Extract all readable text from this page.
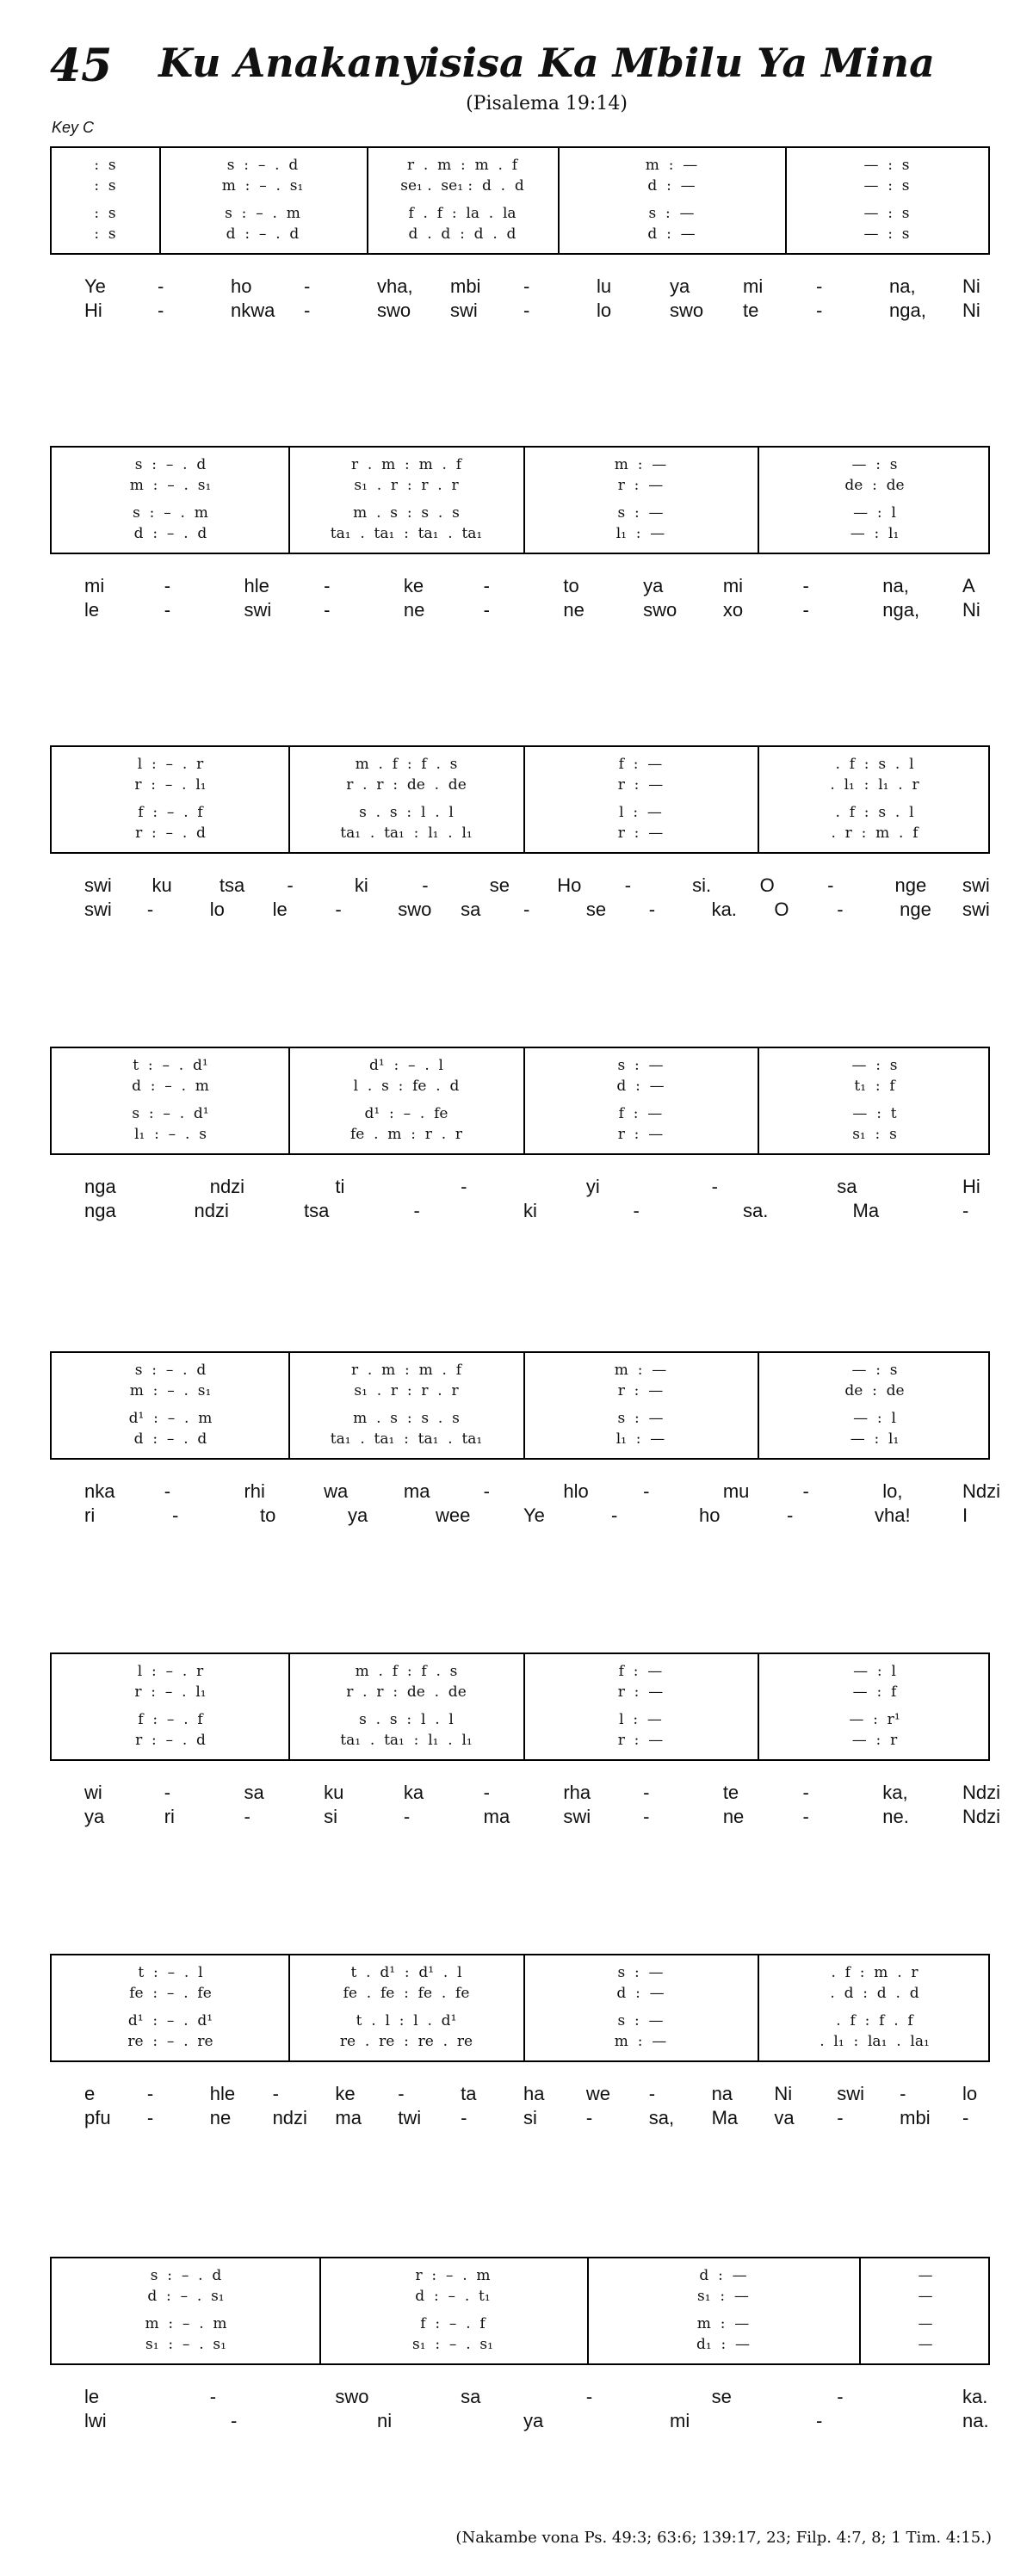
45	Ku Anakanyisisa Ka Mbilu Ya Mina
(Pisalema 19:14)
Key C
:  s	s  :  –  .  d	r  .  m  :  m  .  f	m  :  —	—  :  s
:  s	m  :  –  .  s₁	se₁ .  se₁ :  d  .  d	d  :  —	—  :  s
:  s	s  :  –  .  m	f  .  f  :  la  .  la	s  :  —	—  :  s
:  s	d  :  –  .  d	d  .  d  :  d  .  d	d  :  —	—  :  s
Ye	-	ho	-	vha, mbi -	lu	ya	mi	-	na, Ni
Hi	-	nkwa -	swo swi -	lo	swo te	-	nga, Ni
s  :  –  .  d	r  .  m  :  m  .  f	m  :  —	—  :  s
m  :  –  .  s₁	s₁  .  r  :  r  .  r	r  :  —	de  :  de
s  :  –  .  m	m  .  s  :  s  .  s	s  :  —	—  :  l
d  :  –  .  d	ta₁  .  ta₁  :  ta₁  .  ta₁	l₁  :  —	—  :  l₁
mi	-	hle	-	ke	-	to	ya	mi	-	na,	A
le	-	swi	-	ne	-	ne	swo xo	-	nga, Ni
l  :  –  .  r	m  .  f  :  f  .  s	f  :  —	.  f  :  s  .  l
r  :  –  .  l₁	r  .  r  :  de  .  de	r  :  —	.  l₁  :  l₁  .  r
f  :  –  .  f	s  .  s  :  l  .  l	l  :  —	.  f  :  s  .  l
r  :  –  .  d	ta₁  .  ta₁  :  l₁  .  l₁	r  :  —	.  r  :  m  .  f
swi ku	tsa -	ki	-	se	Ho -	si.	O	-	nge swi
swi -	lo	le	-	swo sa -	se -	ka. O	-	nge swi
t  :  –  .  d¹	d¹  :  –  .  l	s  :  —	—  :  s
d  :  –  .  m	l  .  s  :  fe  .  d	d  :  —	t₁  :  f
s  :  –  .  d¹	d¹  :  –  .  fe	f  :  —	—  :  t
l₁  :  –  .  s	fe  .  m  :  r  .  r	r  :  —	s₁  :  s
nga	ndzi	ti	-	yi	-	sa	Hi
nga	ndzi	tsa	-	ki	-	sa.	Ma	-
s  :  –  .  d	r  .  m  :  m  .  f	m  :  —	—  :  s
m  :  –  .  s₁	s₁  .  r  :  r  .  r	r  :  —	de  :  de
d¹  :  –  .  m	m  .  s  :  s  .  s	s  :  —	—  :  l
d  :  –  .  d	ta₁  .  ta₁  :  ta₁  .  ta₁	l₁  :  —	—  :  l₁
nka	-	rhi	wa	ma	-	hlo	-	mu	-	lo,	Ndzi
ri	-	to	ya	wee	Ye	-	ho	-	vha!	I
l  :  –  .  r	m  .  f  :  f  .  s	f  :  —	—  :  l
r  :  –  .  l₁	r  .  r  :  de  .  de	r  :  —	—  :  f
f  :  –  .  f	s  .  s  :  l  .  l	l  :  —	—  :  r¹
r  :  –  .  d	ta₁  .  ta₁  :  l₁  .  l₁	r  :  —	—  :  r
wi	-	sa	ku	ka	-	rha	-	te	-	ka,	Ndzi
ya	ri	-	si	-	ma	swi	-	ne	-	ne.	Ndzi
t  :  –  .  l	t  .  d¹  :  d¹  .  l	s  :  —	.  f  :  m  .  r
fe  :  –  .  fe	fe  .  fe  :  fe  .  fe	d  :  —	.  d  :  d  .  d
d¹  :  –  .  d¹	t  .  l  :  l  .  d¹	s  :  —	.  f  :  f  .  f
re  :  –  .  re	re  .  re  :  re  .  re	m  :  —	.  l₁  :  la₁  .  la₁
e	-	hle -	ke -	ta ha we -	na Ni swi -	lo
pfu -	ne ndzi ma twi -	si	-	sa, Ma va -	mbi -
s  :  –  .  d	r  :  –  .  m	d  :  —	—
d  :  –  .  s₁	d  :  –  .  t₁	s₁  :  —	—
m  :  –  .  m	f  :  –  .  f	m  :  —	—
s₁  :  –  .  s₁	s₁  :  –  .  s₁	d₁  :  —	—
le	-	swo	sa	-	se	-	ka.
lwi	-	ni	ya	mi	-	na.
(Nakambe vona Ps. 49:3; 63:6; 139:17, 23; Filp. 4:7, 8; 1 Tim. 4:15.)
